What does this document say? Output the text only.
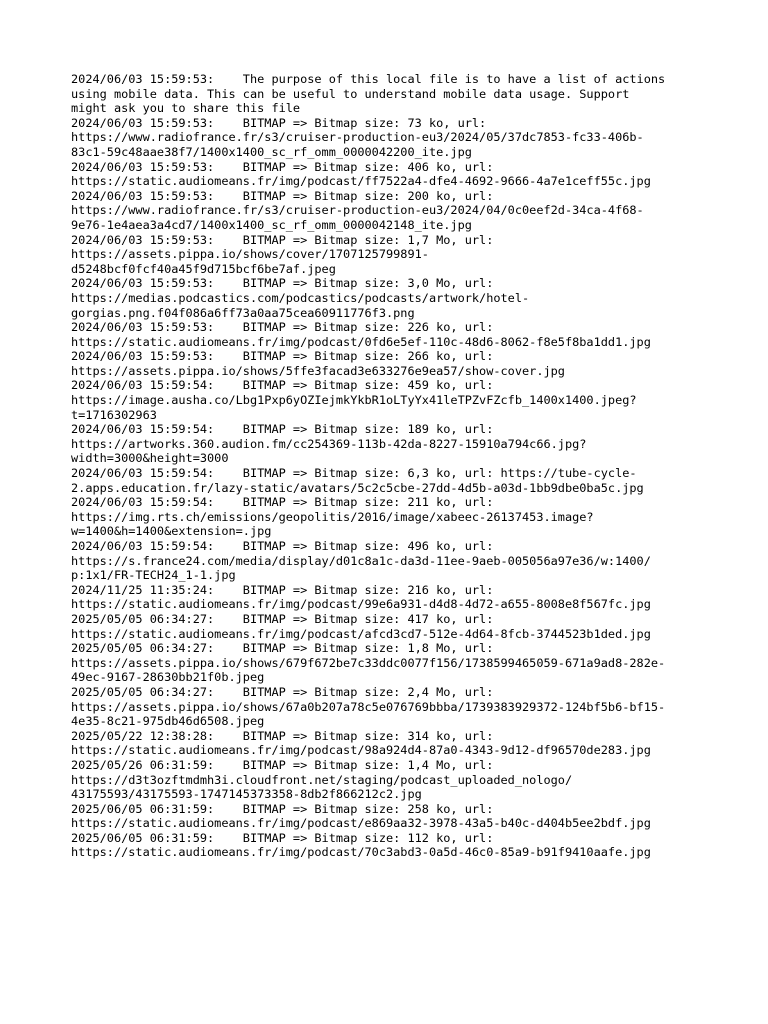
2024/06/03 15:59:53:    The purpose of this local file is to have a list of actions
using mobile data. This can be useful to understand mobile data usage. Support
might ask you to share this file
2024/06/03 15:59:53:    BITMAP => Bitmap size: 73 ko, url:
https://www.radiofrance.fr/s3/cruiser-production-eu3/2024/05/37dc7853-fc33-406b-
83c1-59c48aae38f7/1400x1400_sc_rf_omm_0000042200_ite.jpg
2024/06/03 15:59:53:    BITMAP => Bitmap size: 406 ko, url:
https://static.audiomeans.fr/img/podcast/ff7522a4-dfe4-4692-9666-4a7e1ceff55c.jpg
2024/06/03 15:59:53:    BITMAP => Bitmap size: 200 ko, url:
https://www.radiofrance.fr/s3/cruiser-production-eu3/2024/04/0c0eef2d-34ca-4f68-
9e76-1e4aea3a4cd7/1400x1400_sc_rf_omm_0000042148_ite.jpg
2024/06/03 15:59:53:    BITMAP => Bitmap size: 1,7 Mo, url:
https://assets.pippa.io/shows/cover/1707125799891-
d5248bcf0fcf40a45f9d715bcf6be7af.jpeg
2024/06/03 15:59:53:    BITMAP => Bitmap size: 3,0 Mo, url:
https://medias.podcastics.com/podcastics/podcasts/artwork/hotel-
gorgias.png.f04f086a6ff73a0aa75cea60911776f3.png
2024/06/03 15:59:53:    BITMAP => Bitmap size: 226 ko, url:
https://static.audiomeans.fr/img/podcast/0fd6e5ef-110c-48d6-8062-f8e5f8ba1dd1.jpg
2024/06/03 15:59:53:    BITMAP => Bitmap size: 266 ko, url:
https://assets.pippa.io/shows/5ffe3facad3e633276e9ea57/show-cover.jpg
2024/06/03 15:59:54:    BITMAP => Bitmap size: 459 ko, url:
https://image.ausha.co/Lbg1Pxp6yOZIejmkYkbR1oLTyYx41leTPZvFZcfb_1400x1400.jpeg?
t=1716302963
2024/06/03 15:59:54:    BITMAP => Bitmap size: 189 ko, url:
https://artworks.360.audion.fm/cc254369-113b-42da-8227-15910a794c66.jpg?
width=3000&height=3000
2024/06/03 15:59:54:    BITMAP => Bitmap size: 6,3 ko, url: https://tube-cycle-
2.apps.education.fr/lazy-static/avatars/5c2c5cbe-27dd-4d5b-a03d-1bb9dbe0ba5c.jpg
2024/06/03 15:59:54:    BITMAP => Bitmap size: 211 ko, url:
https://img.rts.ch/emissions/geopolitis/2016/image/xabeec-26137453.image?
w=1400&h=1400&extension=.jpg
2024/06/03 15:59:54:    BITMAP => Bitmap size: 496 ko, url:
https://s.france24.com/media/display/d01c8a1c-da3d-11ee-9aeb-005056a97e36/w:1400/
p:1x1/FR-TECH24_1-1.jpg
2024/11/25 11:35:24:    BITMAP => Bitmap size: 216 ko, url:
https://static.audiomeans.fr/img/podcast/99e6a931-d4d8-4d72-a655-8008e8f567fc.jpg
2025/05/05 06:34:27:    BITMAP => Bitmap size: 417 ko, url:
https://static.audiomeans.fr/img/podcast/afcd3cd7-512e-4d64-8fcb-3744523b1ded.jpg
2025/05/05 06:34:27:    BITMAP => Bitmap size: 1,8 Mo, url:
https://assets.pippa.io/shows/679f672be7c33ddc0077f156/1738599465059-671a9ad8-282e-
49ec-9167-28630bb21f0b.jpeg
2025/05/05 06:34:27:    BITMAP => Bitmap size: 2,4 Mo, url:
https://assets.pippa.io/shows/67a0b207a78c5e076769bbba/1739383929372-124bf5b6-bf15-
4e35-8c21-975db46d6508.jpeg
2025/05/22 12:38:28:    BITMAP => Bitmap size: 314 ko, url:
https://static.audiomeans.fr/img/podcast/98a924d4-87a0-4343-9d12-df96570de283.jpg
2025/05/26 06:31:59:    BITMAP => Bitmap size: 1,4 Mo, url:
https://d3t3ozftmdmh3i.cloudfront.net/staging/podcast_uploaded_nologo/
43175593/43175593-1747145373358-8db2f866212c2.jpg
2025/06/05 06:31:59:    BITMAP => Bitmap size: 258 ko, url:
https://static.audiomeans.fr/img/podcast/e869aa32-3978-43a5-b40c-d404b5ee2bdf.jpg
2025/06/05 06:31:59:    BITMAP => Bitmap size: 112 ko, url:
https://static.audiomeans.fr/img/podcast/70c3abd3-0a5d-46c0-85a9-b91f9410aafe.jpg
